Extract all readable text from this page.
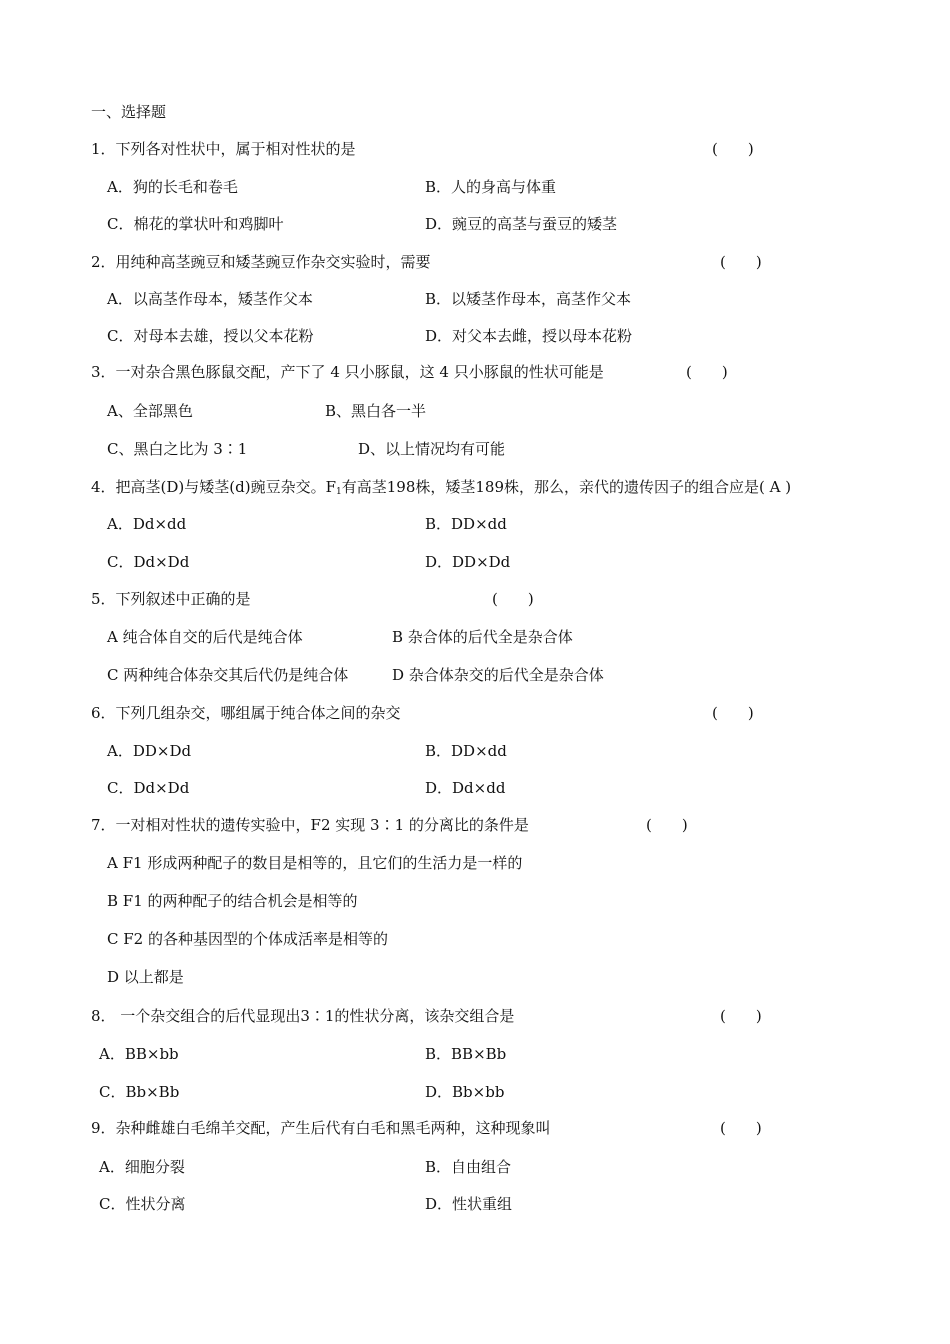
一、选择题
1．下列各对性状中，属于相对性状的是	(　　)
A．狗的长毛和卷毛	B．人的身高与体重
C．棉花的掌状叶和鸡脚叶	D．豌豆的高茎与蚕豆的矮茎
2．用纯种高茎豌豆和矮茎豌豆作杂交实验时，需要	(　　)
A．以高茎作母本，矮茎作父本	B．以矮茎作母本，高茎作父本
C．对母本去雄，授以父本花粉	D．对父本去雌，授以母本花粉
3．一对杂合黑色豚鼠交配，产下了 4 只小豚鼠，这 4 只小豚鼠的性状可能是	(　　)
A、全部黑色	B、黑白各一半
C、黑白之比为 3∶1	D、以上情况均有可能
4．把高茎(D)与矮茎(d)豌豆杂交。$F_1$有高茎198株，矮茎189株，那么，亲代的遗传因子的组合应是( A )
A．Dd×dd	B．DD×dd
C．Dd×Dd	D．DD×Dd
5．下列叙述中正确的是	(　　)
A 纯合体自交的后代是纯合体	B 杂合体的后代全是杂合体
C 两种纯合体杂交其后代仍是纯合体	D 杂合体杂交的后代全是杂合体
6．下列几组杂交，哪组属于纯合体之间的杂交	(　　)
A．DD×Dd	B．DD×dd
C．Dd×Dd	D．Dd×dd
7．一对相对性状的遗传实验中，F2 实现 3∶1 的分离比的条件是	(　　)
A F1 形成两种配子的数目是相等的，且它们的生活力是一样的
B F1 的两种配子的结合机会是相等的
C F2 的各种基因型的个体成活率是相等的
D 以上都是
8． 一个杂交组合的后代显现出3∶1的性状分离，该杂交组合是	(　　)
A．BB×bb	B．BB×Bb
C．Bb×Bb	D．Bb×bb
9．杂种雌雄白毛绵羊交配，产生后代有白毛和黑毛两种，这种现象叫	(　　)
A．细胞分裂	B．自由组合
C．性状分离	D．性状重组
